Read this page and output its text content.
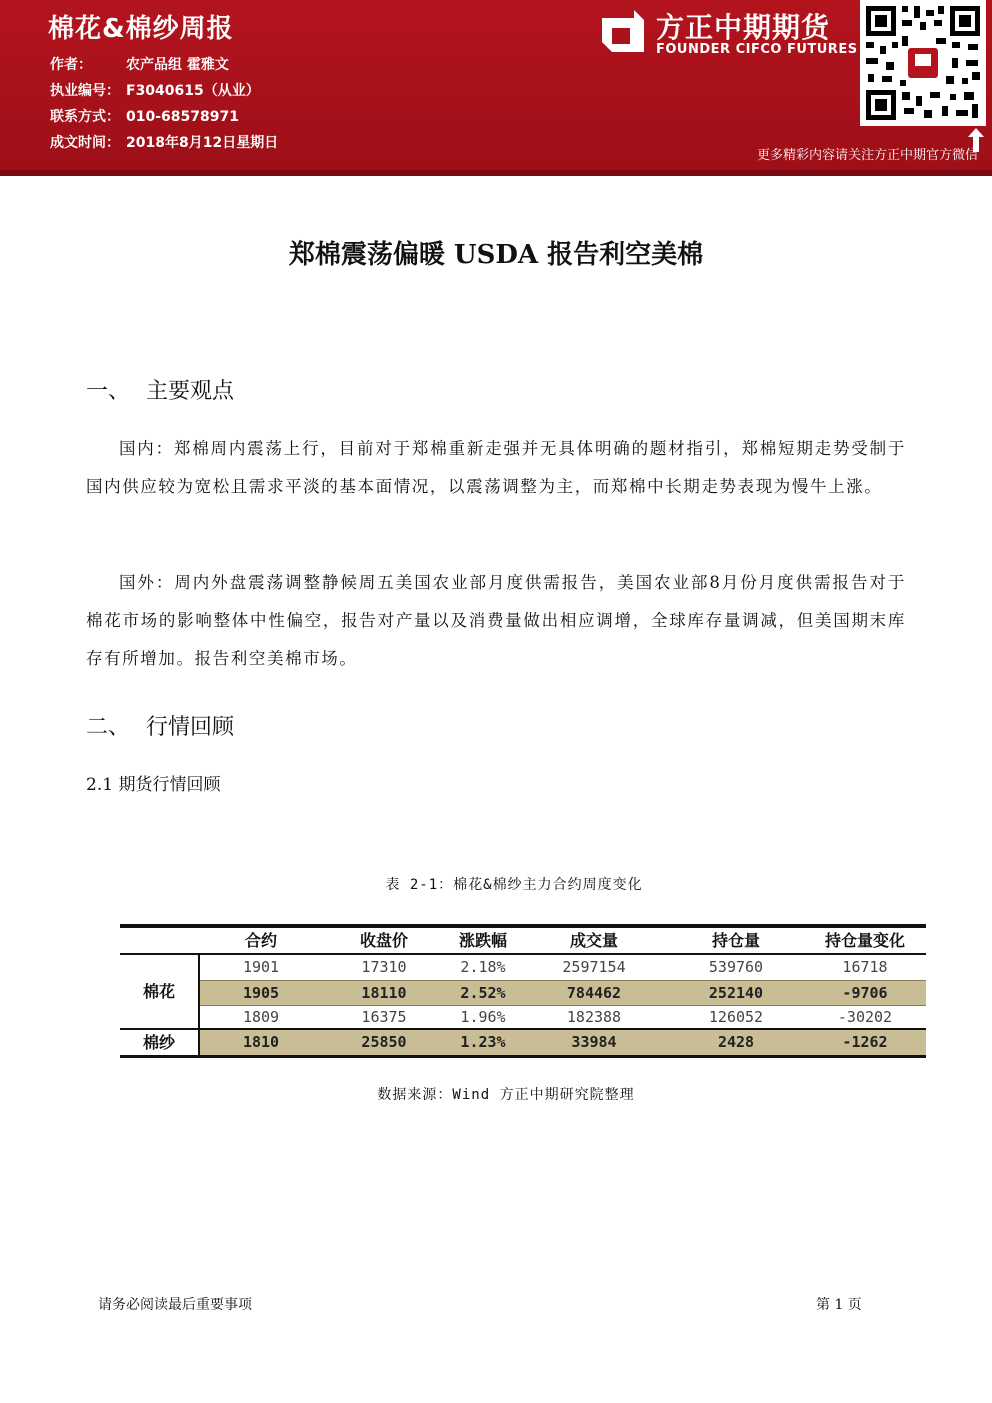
棉花&棉纱周报
作者： 农产品组 霍雅文
执业编号： F3040615（从业）
联系方式： 010-68578971
成文时间： 2018年8月12日星期日
方正中期期货
FOUNDER CIFCO FUTURES
更多精彩内容请关注方正中期官方微信
郑棉震荡偏暖 USDA 报告利空美棉
一、 主要观点
国内：郑棉周内震荡上行，目前对于郑棉重新走强并无具体明确的题材指引，郑棉短期走势受制于国内供应较为宽松且需求平淡的基本面情况，以震荡调整为主，而郑棉中长期走势表现为慢牛上涨。
国外：周内外盘震荡调整静候周五美国农业部月度供需报告，美国农业部8月份月度供需报告对于棉花市场的影响整体中性偏空，报告对产量以及消费量做出相应调增，全球库存量调减，但美国期末库存有所增加。报告利空美棉市场。
二、 行情回顾
2.1 期货行情回顾
表 2-1：棉花&棉纱主力合约周度变化
合约	收盘价	涨跌幅	成交量	持仓量	持仓量变化
棉花
1901	17310	2.18%	2597154	539760	16718
1905	18110	2.52%	784462	252140	-9706
1809	16375	1.96%	182388	126052	-30202
棉纱	1810	25850	1.23%	33984	2428	-1262
数据来源：Wind 方正中期研究院整理
请务必阅读最后重要事项	第 1 页
